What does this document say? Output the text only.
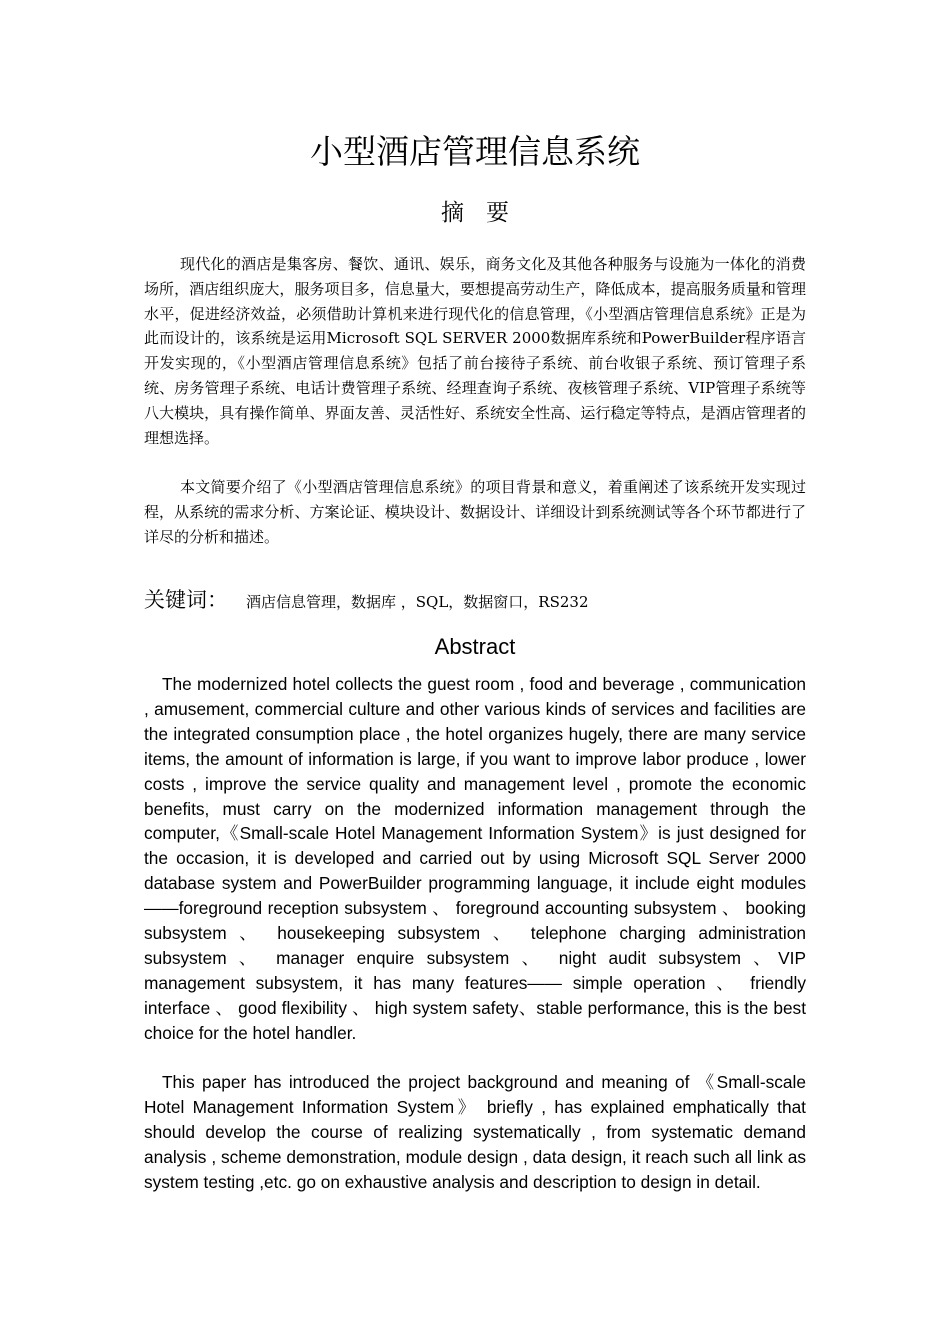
小型酒店管理信息系统
摘要

现代化的酒店是集客房、餐饮、通讯、娱乐，商务文化及其他各种服务与设施为一体化的消费场所，酒店组织庞大，服务项目多，信息量大，要想提高劳动生产，降低成本，提高服务质量和管理水平，促进经济效益，必须借助计算机来进行现代化的信息管理，《小型酒店管理信息系统》正是为此而设计的，该系统是运用Microsoft SQL SERVER 2000数据库系统和PowerBuilder程序语言开发实现的，《小型酒店管理信息系统》包括了前台接待子系统、前台收银子系统、预订管理子系统、房务管理子系统、电话计费管理子系统、经理查询子系统、夜核管理子系统、VIP管理子系统等八大模块，具有操作简单、界面友善、灵活性好、系统安全性高、运行稳定等特点，是酒店管理者的理想选择。

本文简要介绍了《小型酒店管理信息系统》的项目背景和意义，着重阐述了该系统开发实现过程，从系统的需求分析、方案论证、模块设计、数据设计、详细设计到系统测试等各个环节都进行了详尽的分析和描述。

关键词： 酒店信息管理，数据库 ，SQL，数据窗口，RS232

Abstract

The modernized hotel collects the guest room , food and beverage , communication , amusement, commercial culture and other various kinds of services and facilities are the integrated consumption place , the hotel organizes hugely, there are many service items, the amount of information is large, if you want to improve labor produce , lower costs , improve the service quality and management level , promote the economic benefits, must carry on the modernized information management through the computer,《Small-scale Hotel Management Information System》is just designed for the occasion, it is developed and carried out by using Microsoft SQL Server 2000 database system and PowerBuilder programming language, it include eight modules ——foreground reception subsystem 、 foreground accounting subsystem 、 booking subsystem 、 housekeeping subsystem 、 telephone charging administration subsystem 、 manager enquire subsystem 、 night audit subsystem 、VIP management subsystem, it has many features—— simple operation 、 friendly interface 、 good flexibility 、 high system safety、stable performance, this is the best choice for the hotel handler.

This paper has introduced the project background and meaning of 《Small-scale Hotel Management Information System》 briefly , has explained emphatically that should develop the course of realizing systematically , from systematic demand analysis , scheme demonstration, module design , data design, it reach such all link as system testing ,etc. go on exhaustive analysis and description to design in detail.
